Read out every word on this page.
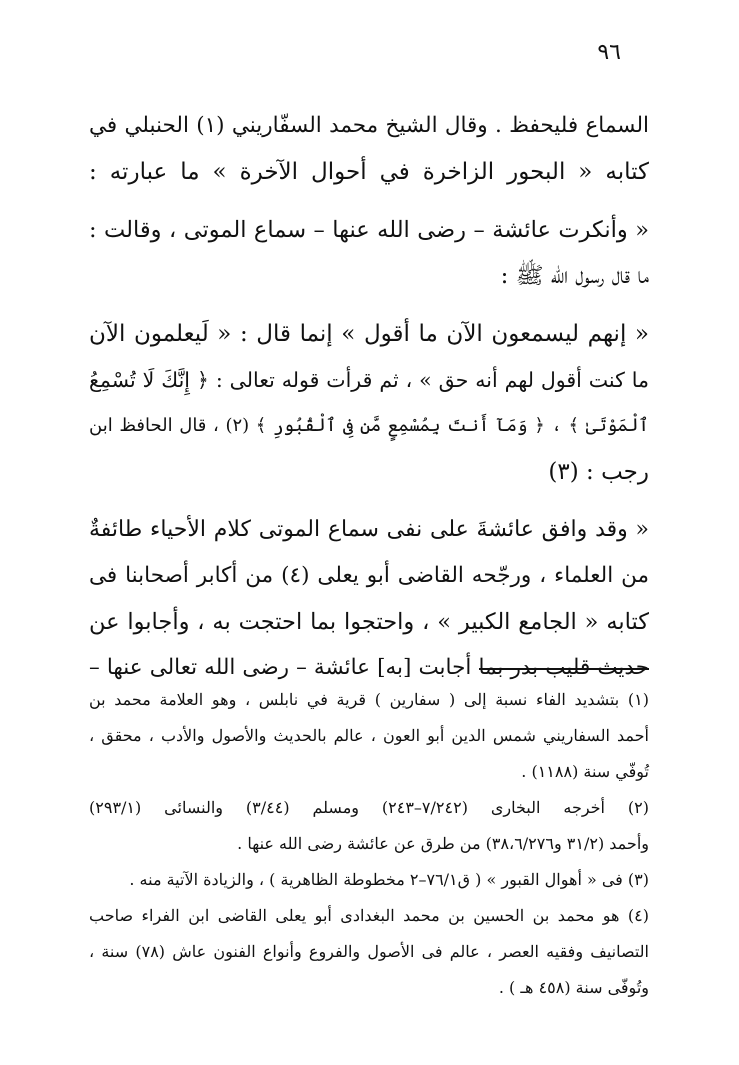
٩٦
السماع فليحفظ . وقال الشيخ محمد السفّاريني (١) الحنبلي في
كتابه « البحور الزاخرة في أحوال الآخرة » ما عبارته :
« وأنكرت عائشة – رضى الله عنها – سماع الموتى ، وقالت :
ما قال رسول الله ﷺ :
« إنهم ليسمعون الآن ما أقول » إنما قال : « لَيعلمون الآن
ما كنت أقول لهم أنه حق » ، ثم قرأت قوله تعالى : ﴿ إِنَّكَ لَا تُسْمِعُ
ٱلْمَوْتَىٰ ﴾ ، ﴿ وَمَآ أَنتَ بِمُسْمِعٍ مَّن فِى ٱلْقُبُورِ ﴾ (٢) ، قال الحافظ ابن
رجب : (٣)
« وقد وافق عائشةَ على نفى سماع الموتى كلام الأحياء طائفةٌ
من العلماء ، ورجّحه القاضى أبو يعلى (٤) من أكابر أصحابنا فى
كتابه « الجامع الكبير » ، واحتجوا بما احتجت به ، وأجابوا عن
حديث قليب بدر بما أجابت [به] عائشة – رضى الله تعالى عنها –
(١) بتشديد الفاء نسبة إلى ( سفارين ) قرية في نابلس ، وهو العلامة محمد بن
أحمد السفاريني شمس الدين أبو العون ، عالم بالحديث والأصول والأدب ، محقق ،
تُوفّي سنة (١١٨٨) .
(٢) أخرجه البخارى (٧/٢٤٢–٢٤٣) ومسلم (٣/٤٤) والنسائى (٢٩٣/١)
وأحمد (٣١/٢ و٣٨،٦/٢٧٦) من طرق عن عائشة رضى الله عنها .
(٣) فى « أهوال القبور » ( ق٧٦/١–٢ مخطوطة الظاهرية ) ، والزيادة الآتية منه .
(٤) هو محمد بن الحسين بن محمد البغدادى أبو يعلى القاضى ابن الفراء صاحب
التصانيف وفقيه العصر ، عالم فى الأصول والفروع وأنواع الفنون عاش (٧٨) سنة ،
وتُوفّى سنة (٤٥٨ هـ ) .
